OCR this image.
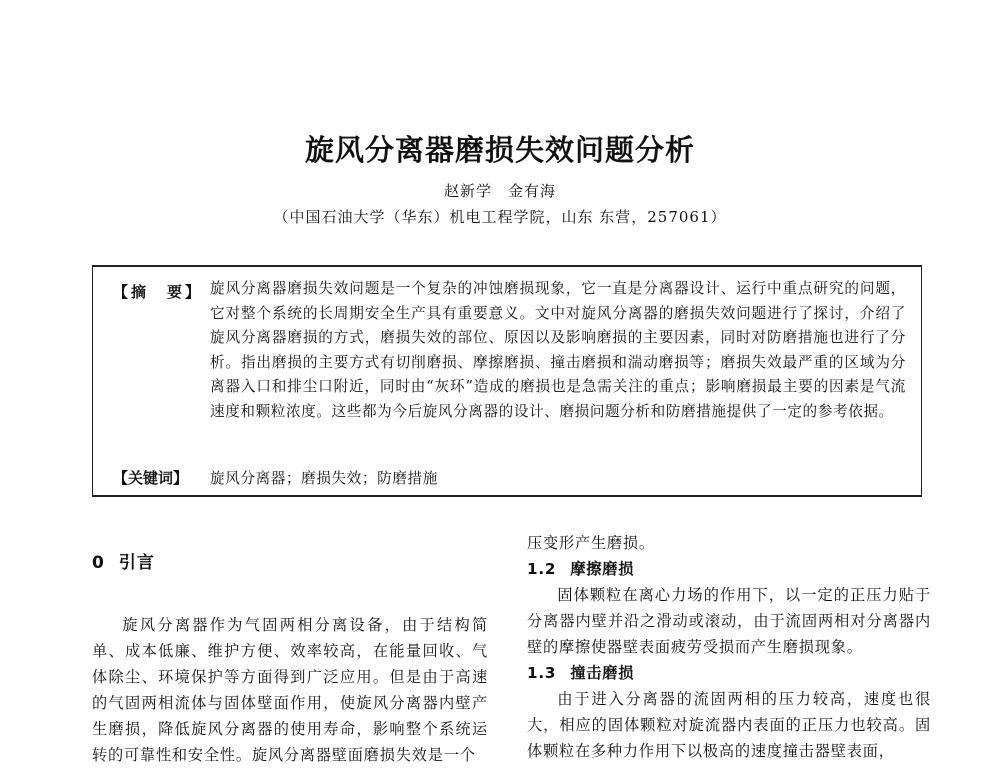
旋风分离器磨损失效问题分析
赵新学　金有海
（中国石油大学（华东）机电工程学院，山东 东营，257061）
【摘　要】 旋风分离器磨损失效问题是一个复杂的冲蚀磨损现象，它一直是分离器设计、运行中重点研究的问题，它对整个系统的长周期安全生产具有重要意义。文中对旋风分离器的磨损失效问题进行了探讨，介绍了旋风分离器磨损的方式，磨损失效的部位、原因以及影响磨损的主要因素，同时对防磨措施也进行了分析。指出磨损的主要方式有切削磨损、摩擦磨损、撞击磨损和湍动磨损等；磨损失效最严重的区域为分离器入口和排尘口附近，同时由“灰环”造成的磨损也是急需关注的重点；影响磨损最主要的因素是气流速度和颗粒浓度。这些都为今后旋风分离器的设计、磨损问题分析和防磨措施提供了一定的参考依据。
【关键词】 旋风分离器；磨损失效；防磨措施
0 引言

旋风分离器作为气固两相分离设备，由于结构简单、成本低廉、维护方便、效率较高，在能量回收、气体除尘、环境保护等方面得到广泛应用。但是由于高速的气固两相流体与固体壁面作用，使旋风分离器内壁产生磨损，降低旋风分离器的使用寿命，影响整个系统运转的可靠性和安全性。旋风分离器壁面磨损失效是一个

压变形产生磨损。

1.2 摩擦磨损

固体颗粒在离心力场的作用下，以一定的正压力贴于分离器内壁并沿之滑动或滚动，由于流固两相对分离器内壁的摩擦使器壁表面疲劳受损而产生磨损现象。

1.3 撞击磨损

由于进入分离器的流固两相的压力较高，速度也很大，相应的固体颗粒对旋流器内表面的正压力也较高。固体颗粒在多种力作用下以极高的速度撞击器壁表面，
